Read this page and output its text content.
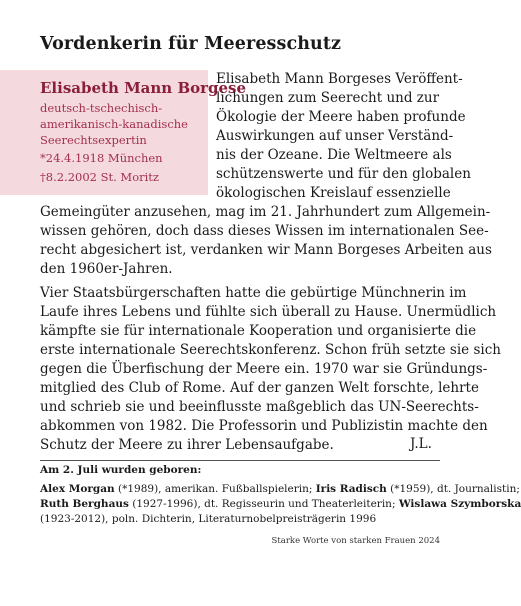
Vordenkerin für Meeresschutz
Elisabeth Mann Borgese
deutsch-tschechisch-
amerikanisch-kanadische
Seerechtsexpertin
*24.4.1918 München
†8.2.2002 St. Moritz
Elisabeth Mann Borgeses Veröffent-
lichungen zum Seerecht und zur
Ökologie der Meere haben profunde
Auswirkungen auf unser Verständ-
nis der Ozeane. Die Weltmeere als
schützenswerte und für den globalen
ökologischen Kreislauf essenzielle
Gemeingüter anzusehen, mag im 21. Jahrhundert zum Allgemein-
wissen gehören, doch dass dieses Wissen im internationalen See-
recht abgesichert ist, verdanken wir Mann Borgeses Arbeiten aus
den 1960er-Jahren.
Vier Staatsbürgerschaften hatte die gebürtige Münchnerin im
Laufe ihres Lebens und fühlte sich überall zu Hause. Unermüdlich
kämpfte sie für internationale Kooperation und organisierte die
erste internationale Seerechtskonferenz. Schon früh setzte sie sich
gegen die Überfischung der Meere ein. 1970 war sie Gründungs-
mitglied des Club of Rome. Auf der ganzen Welt forschte, lehrte
und schrieb sie und beeinflusste maßgeblich das UN-Seerechts-
abkommen von 1982. Die Professorin und Publizistin machte den
Schutz der Meere zu ihrer Lebensaufgabe.	J.L.
Am 2. Juli wurden geboren:
Alex Morgan (*1989), amerikan. Fußballspielerin; Iris Radisch (*1959), dt. Journalistin;
Ruth Berghaus (1927-1996), dt. Regisseurin und Theaterleiterin; Wislawa Szymborska
(1923-2012), poln. Dichterin, Literaturnobelpreisträgerin 1996
Starke Worte von starken Frauen 2024
